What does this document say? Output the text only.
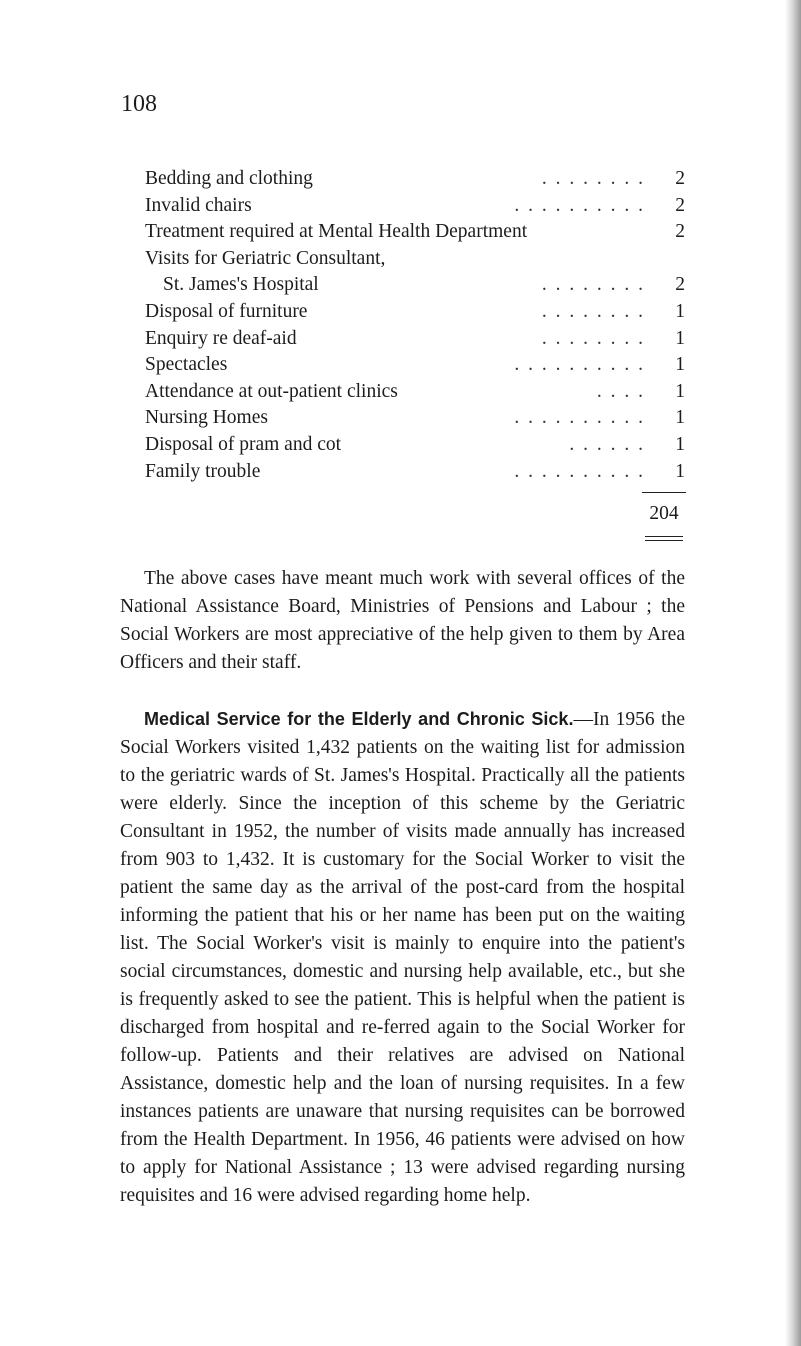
108
Bedding and clothing	. . . . . . . .	2
Invalid chairs	. . . . . . . . . .	2
Treatment required at Mental Health Department	2
Visits for Geriatric Consultant,
St. James's Hospital	. . . . . . . .	2
Disposal of furniture	. . . . . . . .	1
Enquiry re deaf-aid	. . . . . . . .	1
Spectacles	. . . . . . . . . .	1
Attendance at out-patient clinics	. . . .	1
Nursing Homes	. . . . . . . . . .	1
Disposal of pram and cot	. . . . . .	1
Family trouble	. . . . . . . . . .	1
204

The above cases have meant much work with several offices of the National Assistance Board, Ministries of Pensions and Labour ; the Social Workers are most appreciative of the help given to them by Area Officers and their staff.

Medical Service for the Elderly and Chronic Sick.—In 1956 the Social Workers visited 1,432 patients on the waiting list for admission to the geriatric wards of St. James's Hospital. Practically all the patients were elderly. Since the inception of this scheme by the Geriatric Consultant in 1952, the number of visits made annually has increased from 903 to 1,432. It is customary for the Social Worker to visit the patient the same day as the arrival of the post-card from the hospital informing the patient that his or her name has been put on the waiting list. The Social Worker's visit is mainly to enquire into the patient's social circumstances, domestic and nursing help available, etc., but she is frequently asked to see the patient. This is helpful when the patient is discharged from hospital and re-ferred again to the Social Worker for follow-up. Patients and their relatives are advised on National Assistance, domestic help and the loan of nursing requisites. In a few instances patients are unaware that nursing requisites can be borrowed from the Health Department. In 1956, 46 patients were advised on how to apply for National Assistance ; 13 were advised regarding nursing requisites and 16 were advised regarding home help.
